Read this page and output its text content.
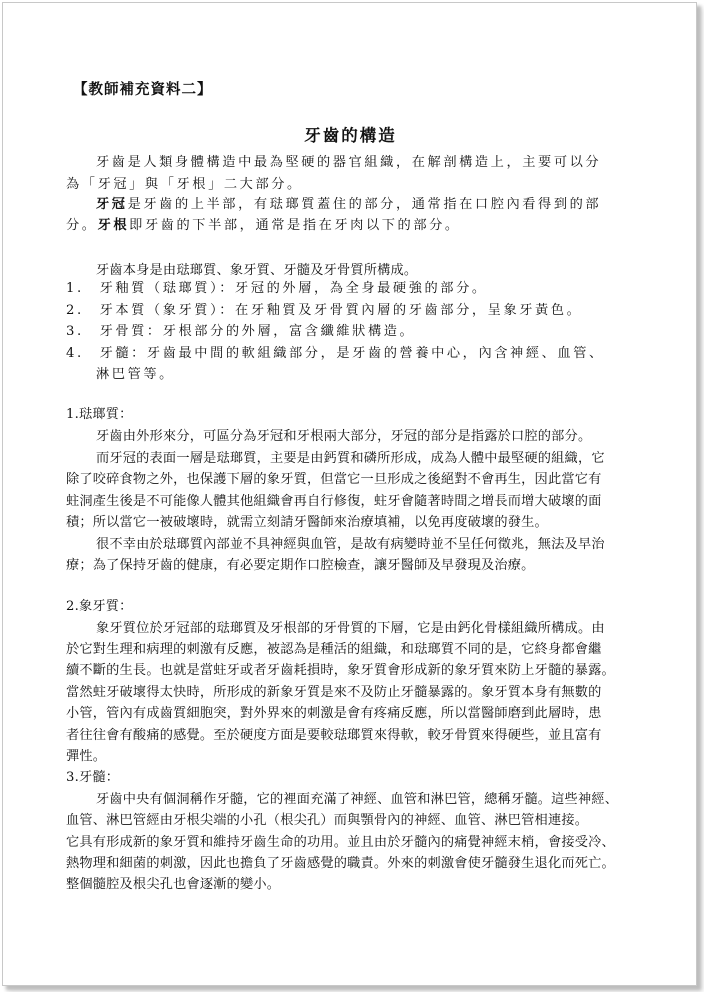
【教師補充資料二】
牙齒的構造
牙齒是人類身體構造中最為堅硬的器官組織，在解剖構造上，主要可以分
為「牙冠」與「牙根」二大部分。
牙冠是牙齒的上半部，有琺瑯質蓋住的部分，通常指在口腔內看得到的部
分。牙根即牙齒的下半部，通常是指在牙肉以下的部分。
牙齒本身是由琺瑯質、象牙質、牙髓及牙骨質所構成。
1.　牙釉質（琺瑯質）：牙冠的外層，為全身最硬強的部分。
2.　牙本質（象牙質）：在牙釉質及牙骨質內層的牙齒部分，呈象牙黃色。
3.　牙骨質：牙根部分的外層，富含纖維狀構造。
4.　牙髓：牙齒最中間的軟組織部分，是牙齒的營養中心，內含神經、血管、
淋巴管等。
1.琺瑯質：
牙齒由外形來分，可區分為牙冠和牙根兩大部分，牙冠的部分是指露於口腔的部分。
而牙冠的表面一層是琺瑯質，主要是由鈣質和磷所形成，成為人體中最堅硬的組織，它
除了咬碎食物之外，也保護下層的象牙質，但當它一旦形成之後絕對不會再生，因此當它有
蛀洞產生後是不可能像人體其他組織會再自行修復，蛀牙會隨著時間之增長而增大破壞的面
積；所以當它一被破壞時，就需立刻請牙醫師來治療填補，以免再度破壞的發生。
很不幸由於琺瑯質內部並不具神經與血管，是故有病變時並不呈任何徵兆，無法及早治
療；為了保持牙齒的健康，有必要定期作口腔檢查，讓牙醫師及早發現及治療。
2.象牙質：
象牙質位於牙冠部的琺瑯質及牙根部的牙骨質的下層，它是由鈣化骨樣組織所構成。由
於它對生理和病理的刺激有反應，被認為是種活的組織，和琺瑯質不同的是，它終身都會繼
續不斷的生長。也就是當蛀牙或者牙齒耗損時，象牙質會形成新的象牙質來防上牙髓的暴露。
當然蛀牙破壞得太快時，所形成的新象牙質是來不及防止牙髓暴露的。象牙質本身有無數的
小管，管內有成齒質細胞突，對外界來的刺激是會有疼痛反應，所以當醫師磨到此層時，患
者往往會有酸痛的感覺。至於硬度方面是要較琺瑯質來得軟，較牙骨質來得硬些，並且富有
彈性。
3.牙髓：
牙齒中央有個洞稱作牙髓，它的裡面充滿了神經、血管和淋巴管，總稱牙髓。這些神經、
血管、淋巴管經由牙根尖端的小孔（根尖孔）而與顎骨內的神經、血管、淋巴管相連接。
它具有形成新的象牙質和維持牙齒生命的功用。並且由於牙髓內的痛覺神經末梢，會接受冷、
熱物理和細菌的刺激，因此也擔負了牙齒感覺的職責。外來的刺激會使牙髓發生退化而死亡。
整個髓腔及根尖孔也會逐漸的變小。
